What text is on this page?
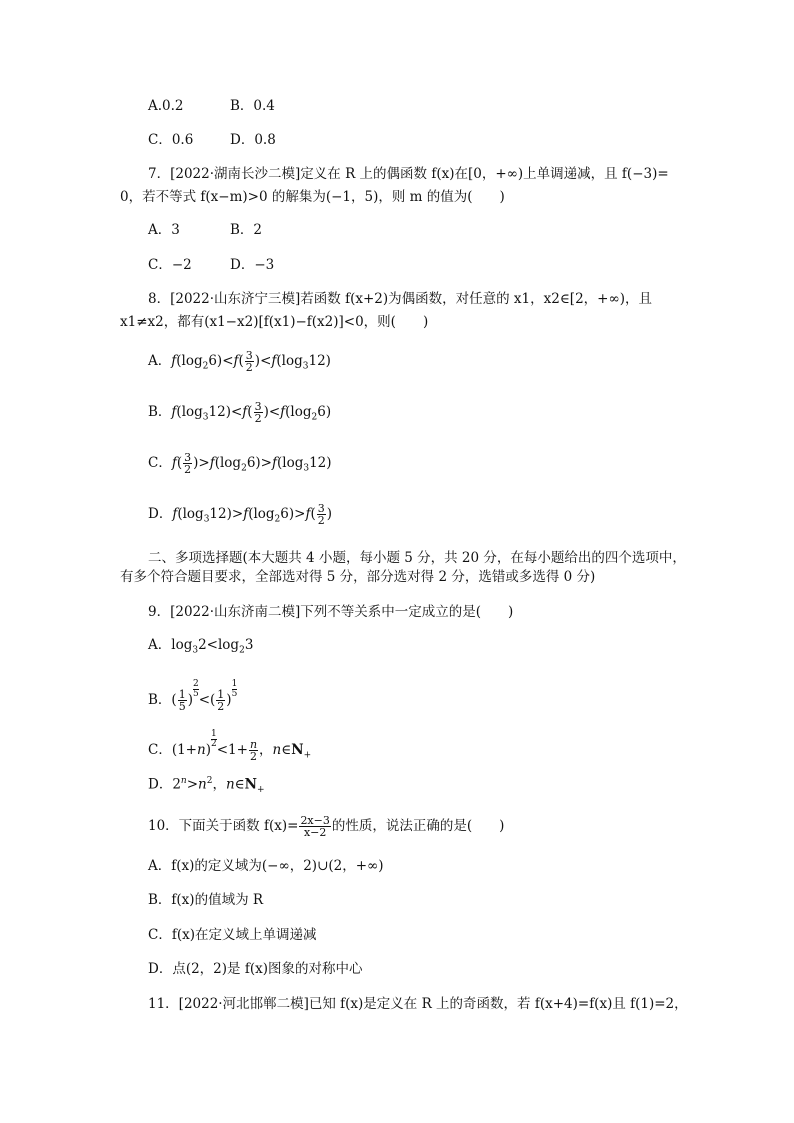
A.0.2	B．0.4
C．0.6	D．0.8
7．[2022·湖南长沙二模]定义在 R 上的偶函数 f(x)在[0，+∞)上单调递减，且 f(−3)=
0，若不等式 f(x−m)>0 的解集为(−1，5)，则 m 的值为(　　)
A．3	B．2
C．−2	D．−3
8．[2022·山东济宁三模]若函数 f(x+2)为偶函数，对任意的 x1，x2∈[2，+∞)，且
x1≠x2，都有(x1−x2)[f(x1)−f(x2)]<0，则(　　)
A．$f(\log_26)<f( \frac{3}{2} )<f(\log_312)$
B．$f(\log_312)<f( \frac{3}{2} )<f(\log_26)$
C．$f( \frac{3}{2} )>f(\log_26)>f(\log_312)$
D．$f(\log_312)>f(\log_26)>f( \frac{3}{2}$ )
二、多项选择题(本大题共 4 小题，每小题 5 分，共 20 分，在每小题给出的四个选项中，
有多个符合题目要求，全部选对得 5 分，部分选对得 2 分，选错或多选得 0 分)
9．[2022·山东济南二模]下列不等关系中一定成立的是(　　)
A．$\log_32<\log_23$
B．( $\frac{1}{5}$ )
$\frac{2}{5}$
<( $\frac{1}{2}$ )
$\frac{1}{5}$
C．(1+n)
$\frac{1}{2}$
$<1+ \frac{n}{2}$ ，$n\in N_+$
D．$2^n>n^2$，$n\in N_+$
10．下面关于函数 $f(x)= \frac{2x-3}{x-2}$ 的性质，说法正确的是(　　)
A．f(x)的定义域为(−∞，2)∪(2，+∞)
B．f(x)的值域为 R
C．f(x)在定义域上单调递减
D．点(2，2)是 f(x)图象的对称中心
11．[2022·河北邯郸二模]已知 f(x)是定义在 R 上的奇函数，若 f(x+4)=f(x)且 f(1)=2，
